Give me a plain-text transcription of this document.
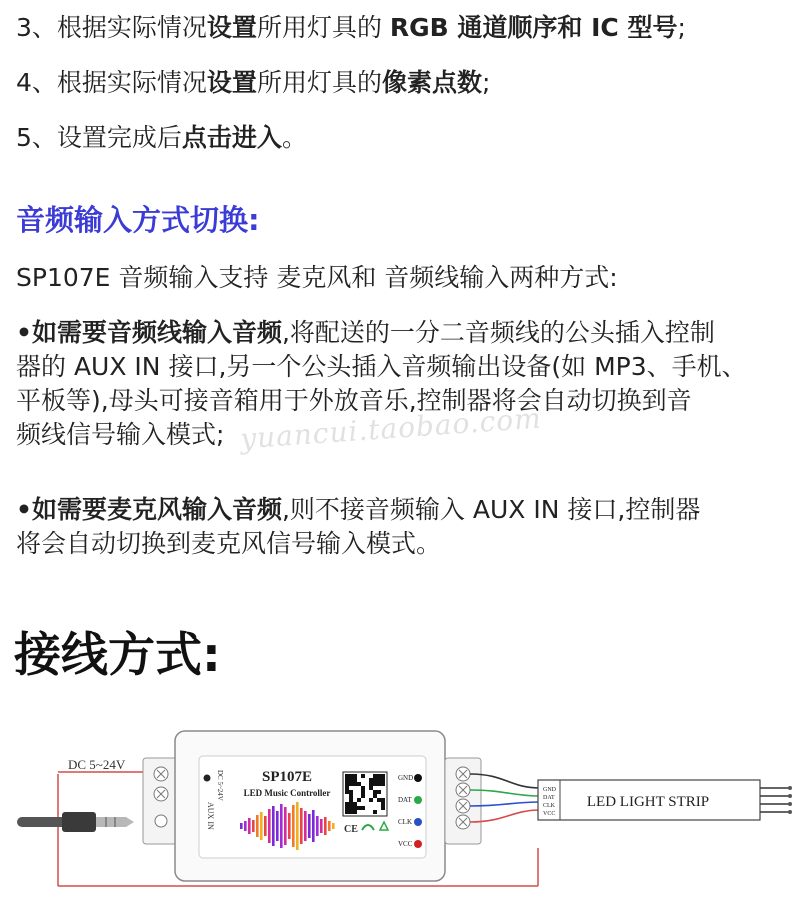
3、根据实际情况设置所用灯具的 RGB 通道顺序和 IC 型号;
4、根据实际情况设置所用灯具的像素点数;
5、设置完成后点击进入。
音频输入方式切换:
SP107E 音频输入支持 麦克风和 音频线输入两种方式:
•如需要音频线输入音频,将配送的一分二音频线的公头插入控制
器的 AUX IN 接口,另一个公头插入音频输出设备(如 MP3、手机、
平板等),母头可接音箱用于外放音乐,控制器将会自动切换到音
频线信号输入模式; yuancui.taobao.com
•如需要麦克风输入音频,则不接音频输入 AUX IN 接口,控制器
将会自动切换到麦克风信号输入模式。
接线方式:
DC 5~24V
SP107E
LED Music Controller
DC 5~24V
AUX IN	CE
GND
DAT
CLK
VCC
GND
DAT
CLK
VCC
LED LIGHT STRIP
